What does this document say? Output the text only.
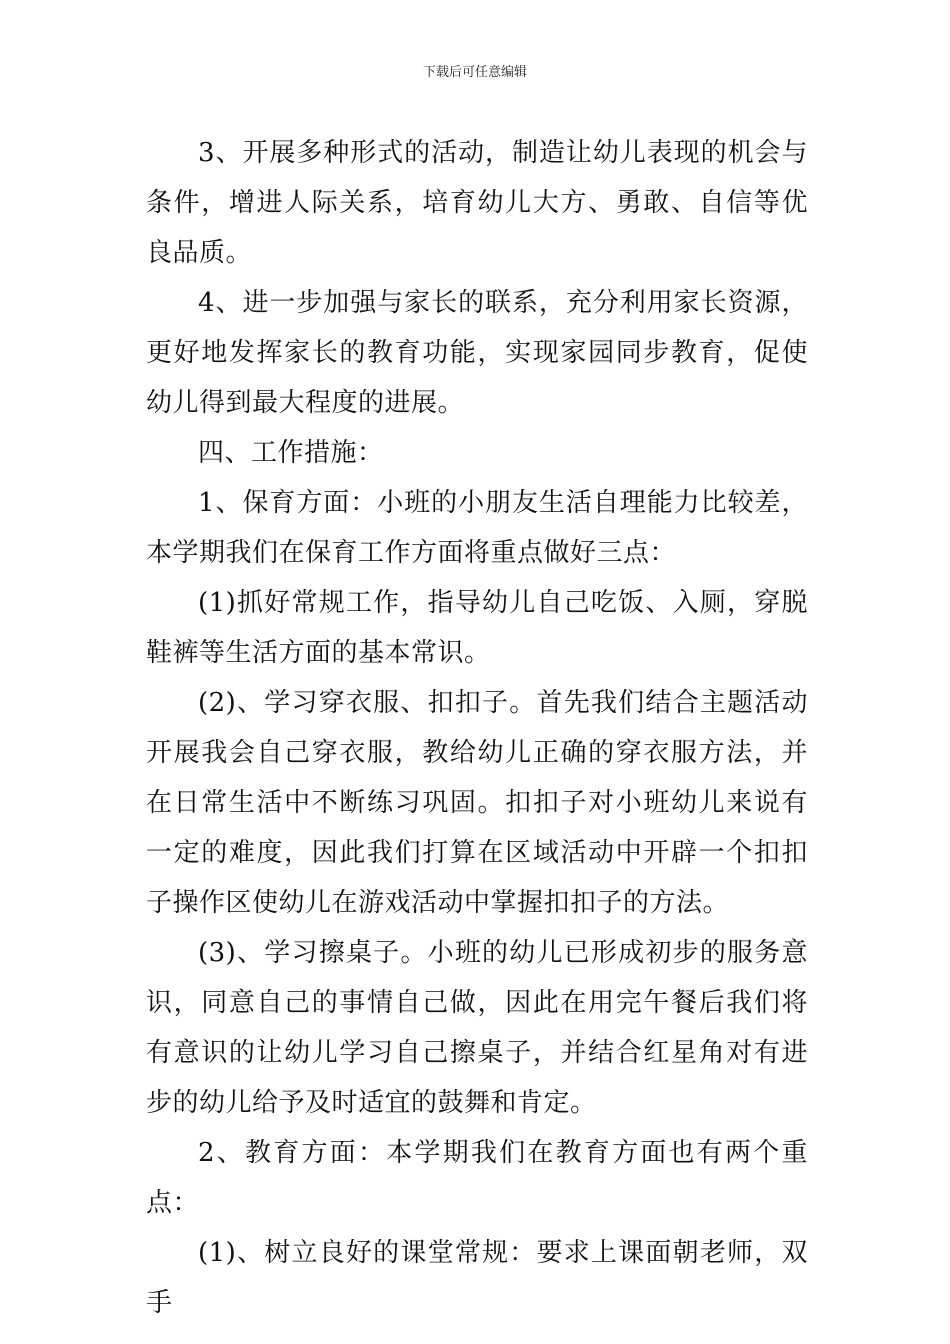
下载后可任意编辑

3、开展多种形式的活动，制造让幼儿表现的机会与条件，增进人际关系，培育幼儿大方、勇敢、自信等优良品质。

4、进一步加强与家长的联系，充分利用家长资源，更好地发挥家长的教育功能，实现家园同步教育，促使幼儿得到最大程度的进展。

四、工作措施：

1、保育方面：小班的小朋友生活自理能力比较差，本学期我们在保育工作方面将重点做好三点：

(1)抓好常规工作，指导幼儿自己吃饭、入厕，穿脱鞋裤等生活方面的基本常识。

(2)、学习穿衣服、扣扣子。首先我们结合主题活动开展我会自己穿衣服，教给幼儿正确的穿衣服方法，并在日常生活中不断练习巩固。扣扣子对小班幼儿来说有一定的难度，因此我们打算在区域活动中开辟一个扣扣子操作区使幼儿在游戏活动中掌握扣扣子的方法。

(3)、学习擦桌子。小班的幼儿已形成初步的服务意识，同意自己的事情自己做，因此在用完午餐后我们将有意识的让幼儿学习自己擦桌子，并结合红星角对有进步的幼儿给予及时适宜的鼓舞和肯定。

2、教育方面：本学期我们在教育方面也有两个重点：

(1)、树立良好的课堂常规：要求上课面朝老师，双手
